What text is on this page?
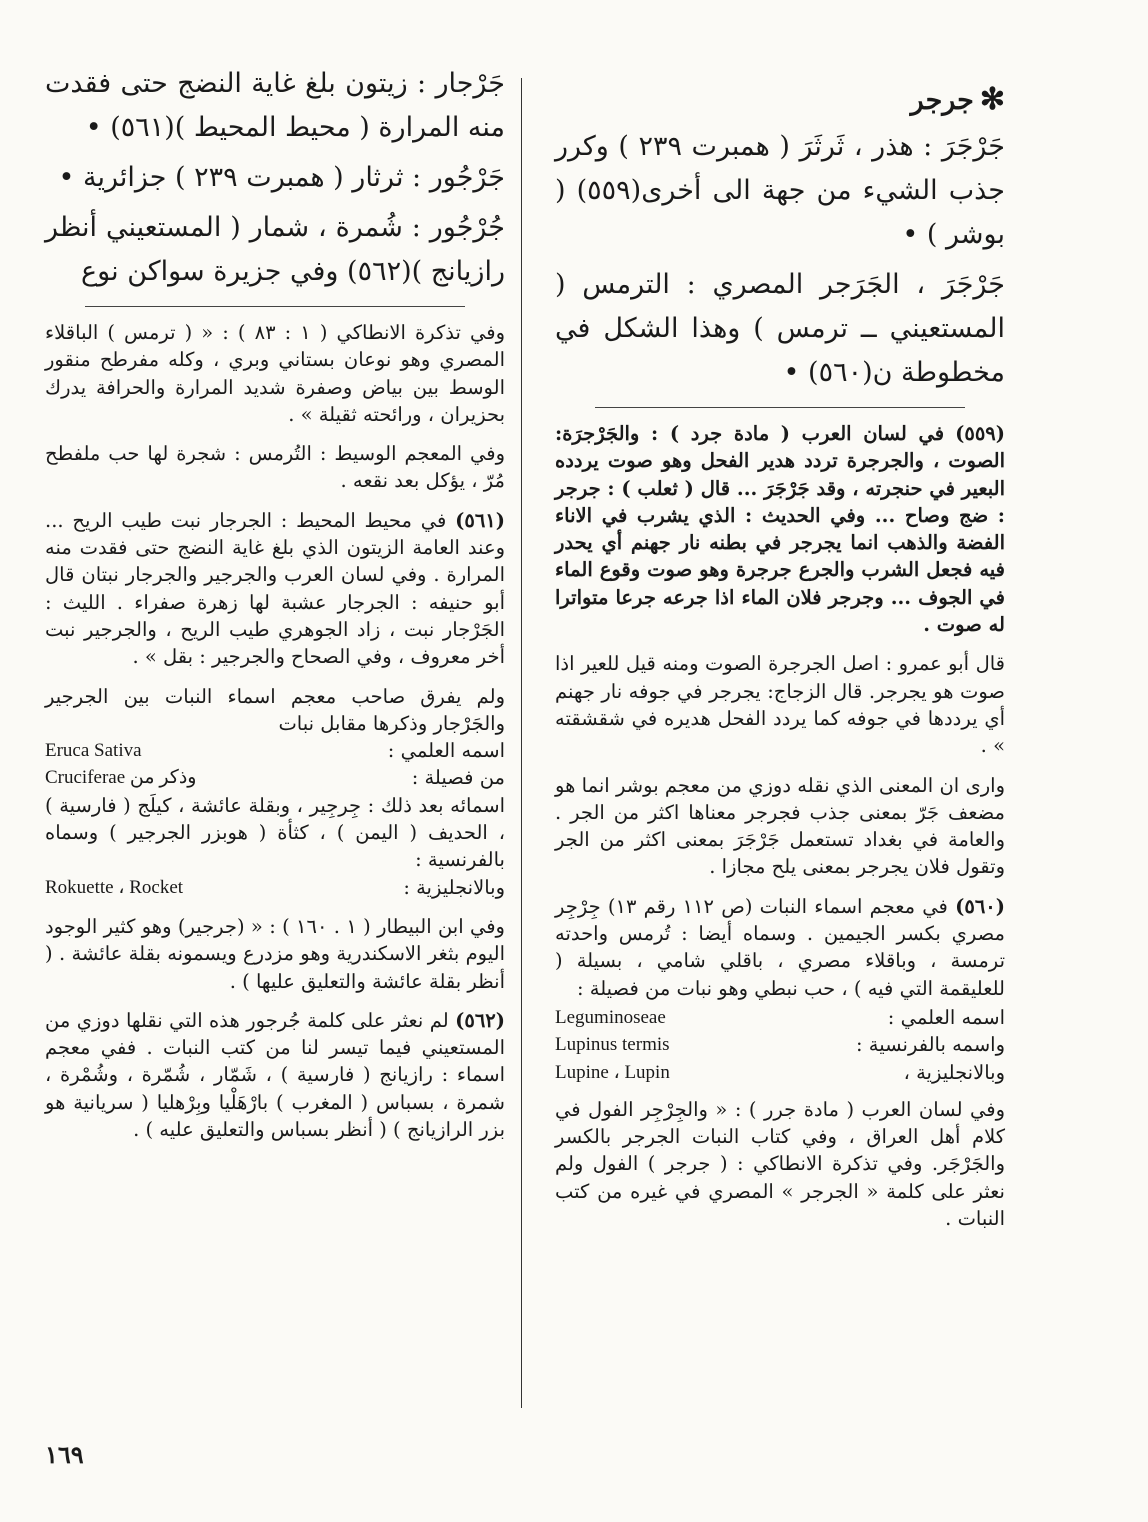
✻جرجر

جَرْجَرَ : هذر ، ثَرثَرَ ( همبرت ٢٣٩ ) وكرر جذب الشيء من جهة الى أخرى(٥٥٩) ( بوشر ) •

جَرْجَرَ ، الجَرَجر المصري : الترمس ( المستعيني ــ ترمس ) وهذا الشكل في مخطوطة ن(٥٦٠) •

(٥٥٩) في لسان العرب ( مادة جرد ) : والجَرْجرَة: الصوت ، والجرجرة تردد هدير الفحل وهو صوت يردده البعير في حنجرته ، وقد جَرْجَرَ ... قال ( ثعلب ) : جرجر : ضج وصاح ... وفي الحديث : الذي يشرب في الاناء الفضة والذهب انما يجرجر في بطنه نار جهنم أي يحدر فيه فجعل الشرب والجرع جرجرة وهو صوت وقوع الماء في الجوف ... وجرجر فلان الماء اذا جرعه جرعا متواترا له صوت .

قال أبو عمرو : اصل الجرجرة الصوت ومنه قيل للعير اذا صوت هو يجرجر. قال الزجاج: يجرجر في جوفه نار جهنم أي يرددها في جوفه كما يردد الفحل هديره في شقشقته » .

وارى ان المعنى الذي نقله دوزي من معجم بوشر انما هو مضعف جَرّ بمعنى جذب فجرجر معناها اكثر من الجر . والعامة في بغداد تستعمل جَرْجَرَ بمعنى اكثر من الجر وتقول فلان يجرجر بمعنى يلح مجازا .

(٥٦٠) في معجم اسماء النبات (ص ١١٢ رقم ١٣) جِرْجِر مصري بكسر الجيمين . وسماه أيضا : تُرمس واحدته ترمسة ، وباقلاء مصري ، باقلي شامي ، بسيلة ( للعليقمة التي فيه ) ، حب نبطي وهو نبات من فصيلة :

اسمه العلمي :
Leguminoseae
واسمه بالفرنسية :
Lupinus termis
وبالانجليزية ،
Lupine ، Lupin

وفي لسان العرب ( مادة جرر ) : « والجِرْجِر الفول في كلام أهل العراق ، وفي كتاب النبات الجرجر بالكسر والجَرْجَر. وفي تذكرة الانطاكي : ( جرجر ) الفول ولم نعثر على كلمة « الجرجر » المصري في غيره من كتب النبات .

جَرْجار : زيتون بلغ غاية النضج حتى فقدت منه المرارة ( محيط المحيط )(٥٦١) •

جَرْجُور : ثرثار ( همبرت ٢٣٩ ) جزائرية •

جُرْجُور : شُمرة ، شمار ( المستعيني أنظر رازيانج )(٥٦٢) وفي جزيرة سواكن نوع

وفي تذكرة الانطاكي ( ١ : ٨٣ ) : « ( ترمس ) الباقلاء المصري وهو نوعان بستاني وبري ، وكله مفرطح منقور الوسط بين بياض وصفرة شديد المرارة والحرافة يدرك بحزيران ، ورائحته ثقيلة » .

وفي المعجم الوسيط : التُرمس : شجرة لها حب ملفطح مُرّ ، يؤكل بعد نقعه .

(٥٦١) في محيط المحيط : الجرجار نبت طيب الريح ... وعند العامة الزيتون الذي بلغ غاية النضج حتى فقدت منه المرارة . وفي لسان العرب والجرجير والجرجار نبتان قال أبو حنيفه : الجرجار عشبة لها زهرة صفراء . الليث : الجَرْجار نبت ، زاد الجوهري طيب الريح ، والجرجير نبت أخر معروف ، وفي الصحاح والجرجير : بقل » .

ولم يفرق صاحب معجم اسماء النبات بين الجرجير والجَرْجار وذكرها مقابل نبات

اسمه العلمي :
Eruca Sativa
من فصيلة :
Cruciferae وذكر من

اسمائه بعد ذلك : جِرجِير ، وبقلة عائشة ، كيلَج ( فارسية ) ، الحديف ( اليمن ) ، كثأة ( هوبزر الجرجير ) وسماه بالفرنسية :

وبالانجليزية :
Rokuette ، Rocket

وفي ابن البيطار ( ١ . ١٦٠ ) : « (جرجير) وهو كثير الوجود اليوم بثغر الاسكندرية وهو مزدرع ويسمونه بقلة عائشة . ( أنظر بقلة عائشة والتعليق عليها ) .

(٥٦٢) لم نعثر على كلمة جُرجور هذه التي نقلها دوزي من المستعيني فيما تيسر لنا من كتب النبات . ففي معجم اسماء : رازيانج ( فارسية ) ، شَمّار ، شُمّرة ، وشُمْرة ، شمرة ، بسباس ( المغرب ) بارْهَلْيا وبِرْهليا ( سريانية هو بزر الرازيانج ) ( أنظر بسباس والتعليق عليه ) .

١٦٩
